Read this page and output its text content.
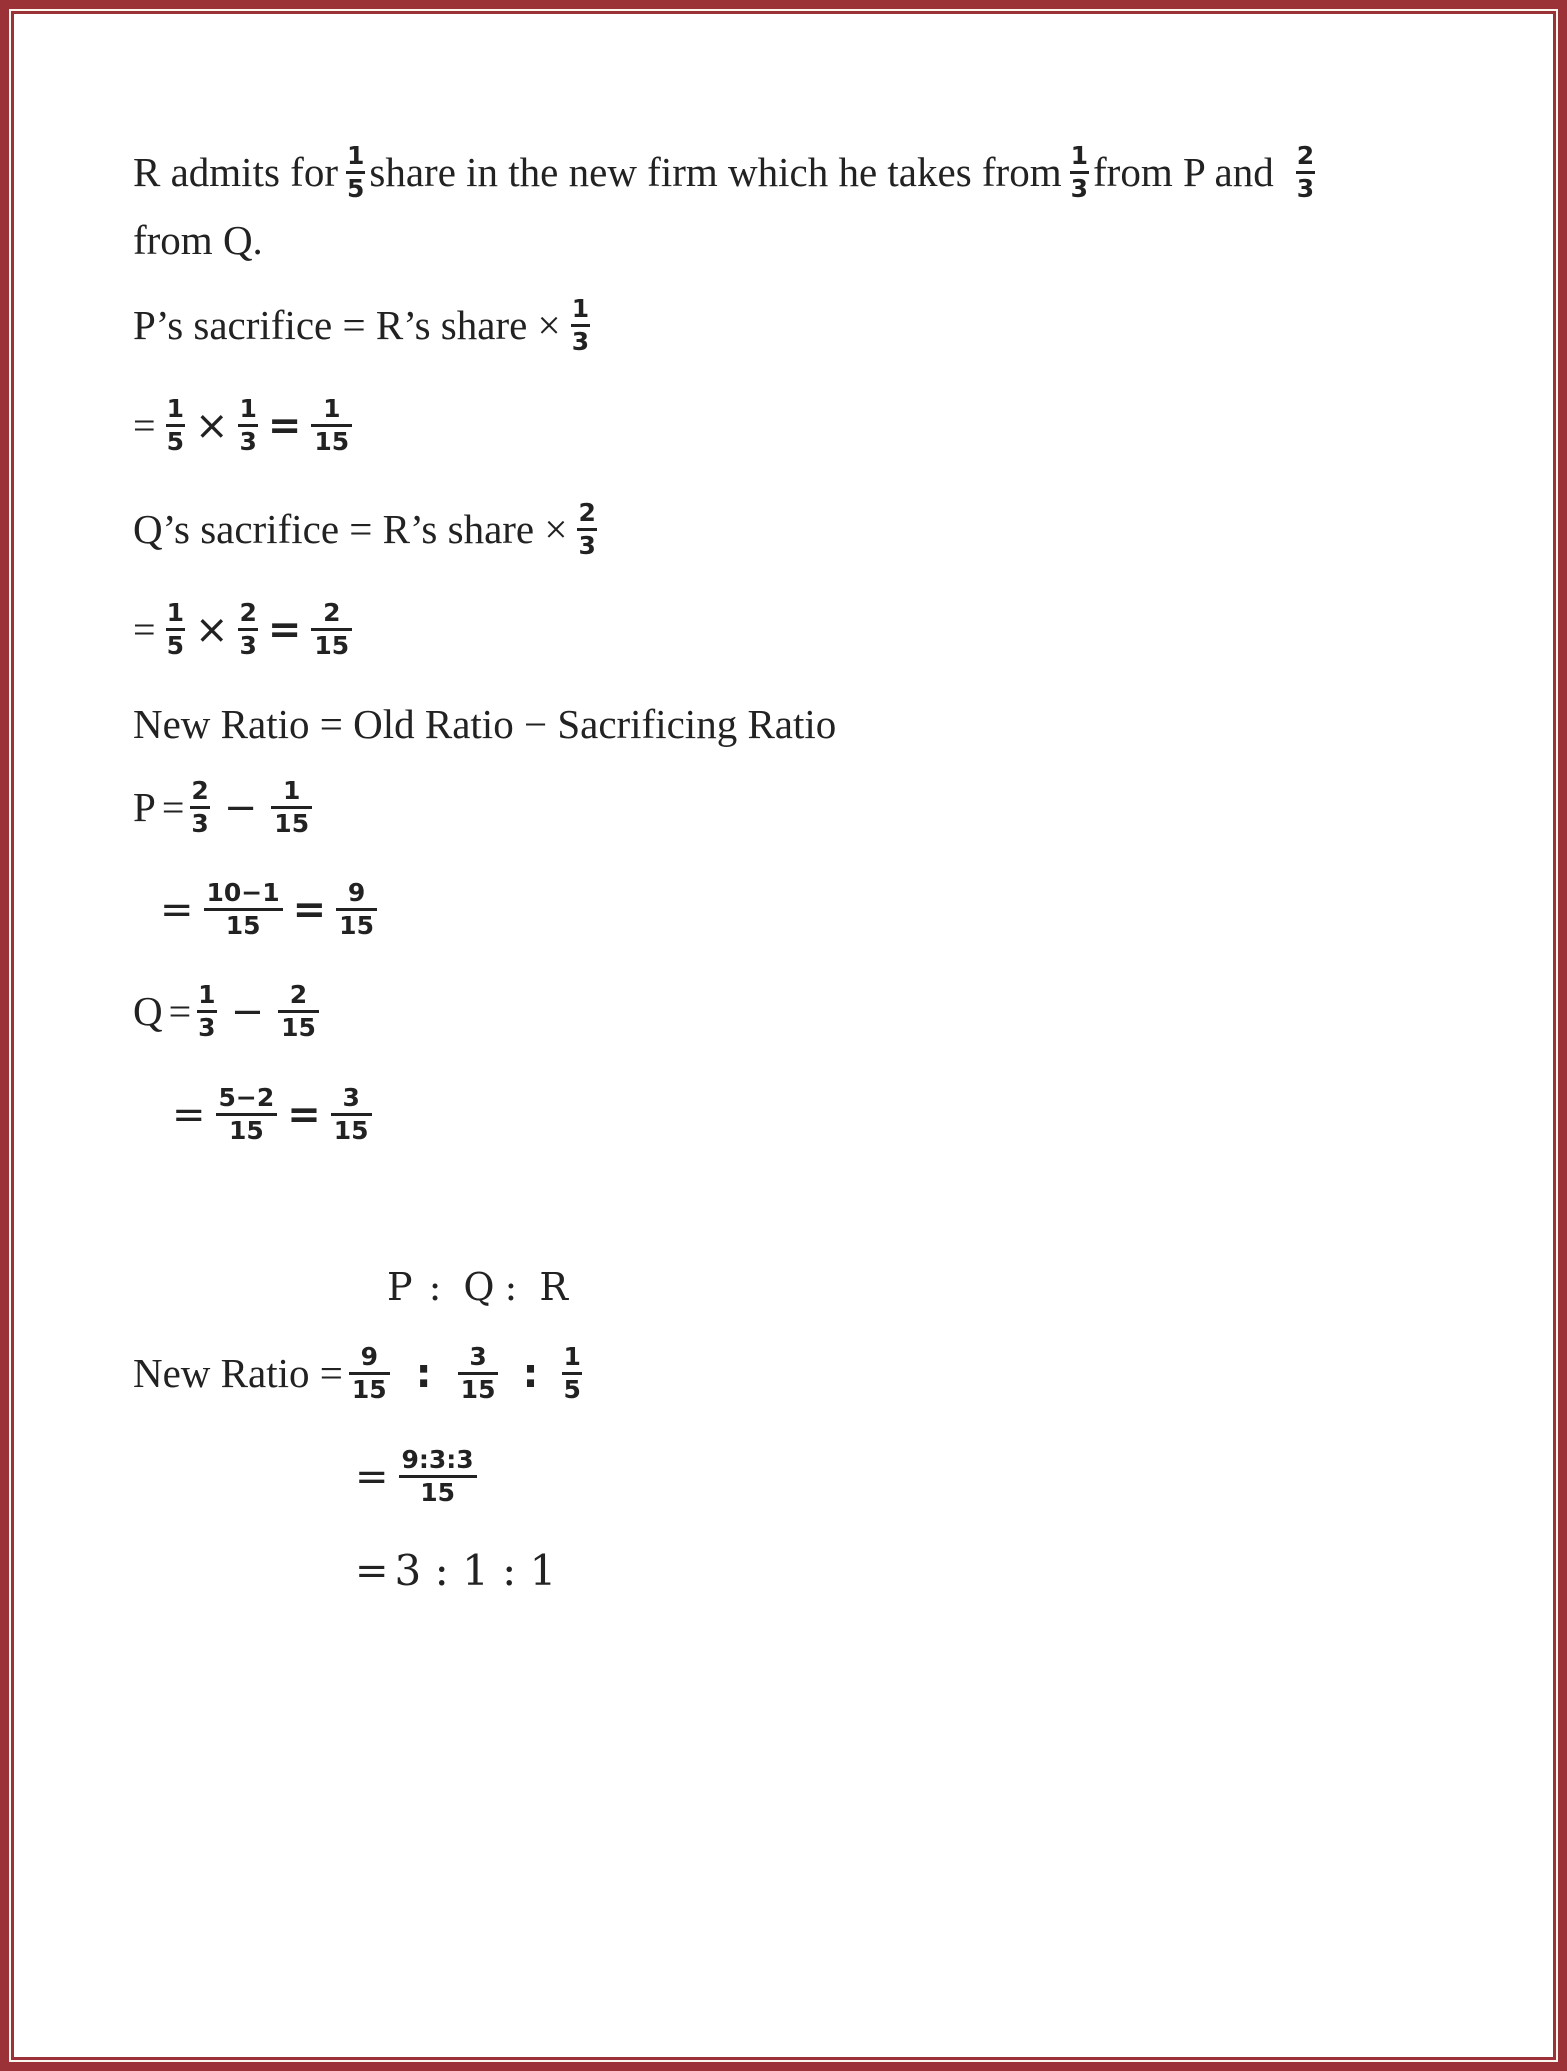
R admits for $\frac{1}{5}$ share in the new firm which he takes from $\frac{1}{3}$ from P and $\frac{2}{3}$
from Q.
P’s sacrifice = R’s share × $\frac{1}{3}$
= $\frac{1}{5} \times \frac{1}{3} = \frac{1}{15}$
Q’s sacrifice = R’s share × $\frac{2}{3}$
= $\frac{1}{5} \times \frac{2}{3} = \frac{2}{15}$
New Ratio = Old Ratio − Sacrificing Ratio
$P = \frac{2}{3} - \frac{1}{15}$
= $\frac{10-1}{15} = \frac{9}{15}$
$Q = \frac{1}{3} - \frac{2}{15}$
= $\frac{5-2}{15} = \frac{3}{15}$
P : Q : R
New Ratio = $\frac{9}{15}$ : $\frac{3}{15}$ : $\frac{1}{5}$
= $\frac{9:3:3}{15}$
= 3 : 1 : 1
